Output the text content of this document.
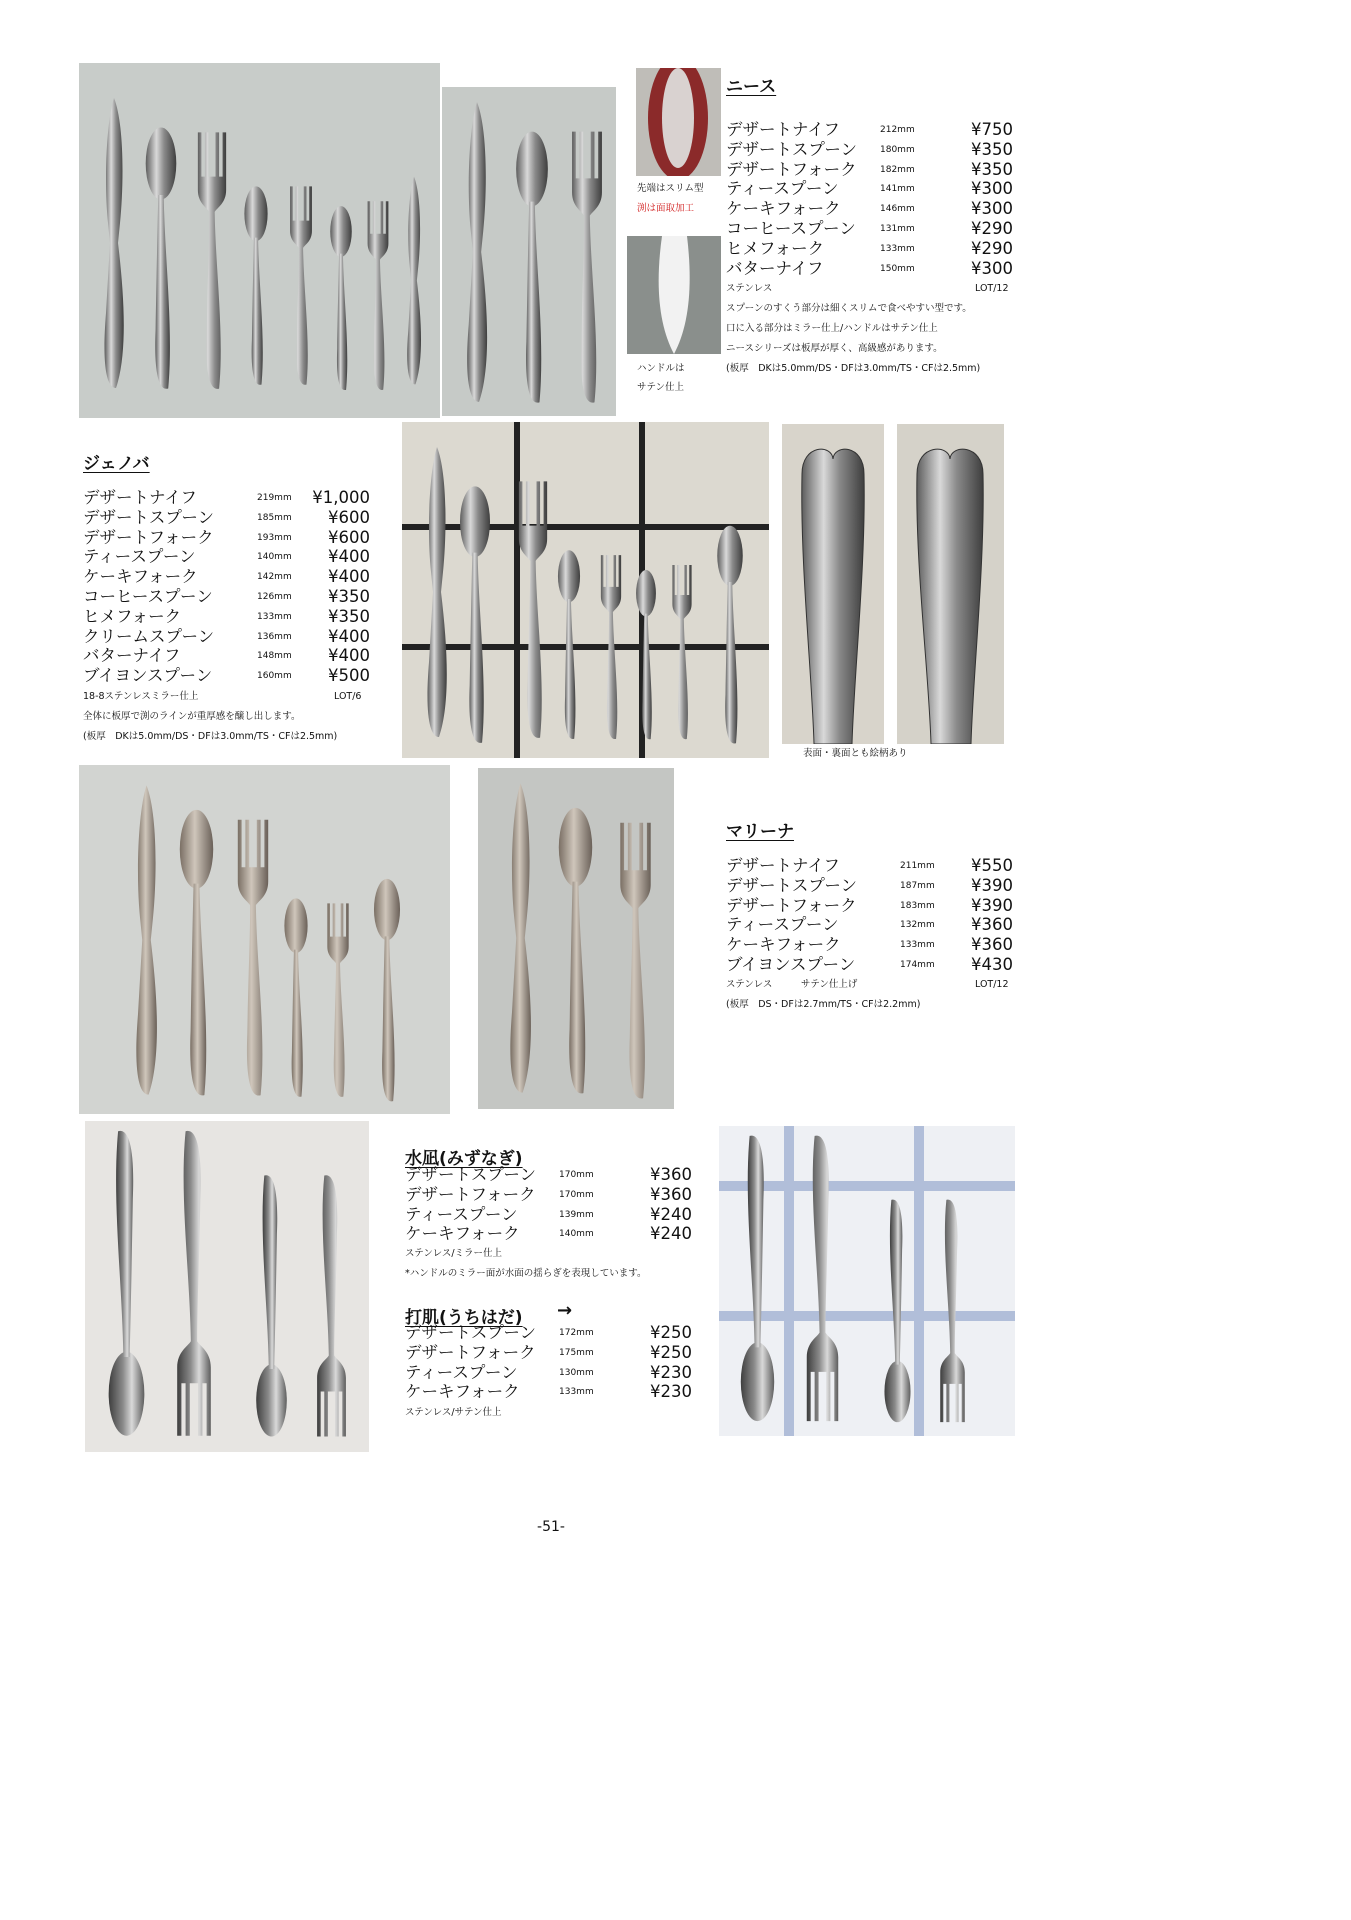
ニース
デザートナイフ	212mm	¥750
デザートスプーン	180mm	¥350
デザートフォーク	182mm	¥350
ティースプーン	141mm	¥300
ケーキフォーク	146mm	¥300
コーヒースプーン	131mm	¥290
ヒメフォーク	133mm	¥290
バターナイフ	150mm	¥300
ステンレス	LOT/12
スプーンのすくう部分は細くスリムで食べやすい型です。
口に入る部分はミラー仕上/ハンドルはサテン仕上
ニースシリーズは板厚が厚く、高級感があります。
(板厚　DKは5.0mm/DS・DFは3.0mm/TS・CFは2.5mm)
先端はスリム型
渕は面取加工
ハンドルは
サテン仕上
ジェノバ
デザートナイフ	219mm ¥1,000
デザートスプーン	185mm ¥600
デザートフォーク	193mm ¥600
ティースプーン	140mm ¥400
ケーキフォーク	142mm ¥400
コーヒースプーン	126mm ¥350
ヒメフォーク	133mm ¥350
クリームスプーン	136mm ¥400
バターナイフ	148mm ¥400
ブイヨンスプーン	160mm ¥500
18-8ステンレスミラー仕上	LOT/6
全体に板厚で渕のラインが重厚感を醸し出します。
(板厚　DKは5.0mm/DS・DFは3.0mm/TS・CFは2.5mm)
表面・裏面とも絵柄あり
マリーナ
デザートナイフ	211mm ¥550
デザートスプーン	187mm ¥390
デザートフォーク	183mm ¥390
ティースプーン	132mm ¥360
ケーキフォーク	133mm ¥360
ブイヨンスプーン	174mm ¥430
ステンレス　　　サテン仕上げ	LOT/12
(板厚　DS・DFは2.7mm/TS・CFは2.2mm)
水凪(みずなぎ)
デザートスプーン	170mm	¥360
デザートフォーク	170mm	¥360
ティースプーン	139mm	¥240
ケーキフォーク	140mm	¥240
ステンレス/ミラー仕上
*ハンドルのミラー面が水面の揺らぎを表現しています。
打肌(うちはだ) →
デザートスプーン	172mm	¥250
デザートフォーク	175mm	¥250
ティースプーン	130mm	¥230
ケーキフォーク	133mm	¥230
ステンレス/サテン仕上
-51-
